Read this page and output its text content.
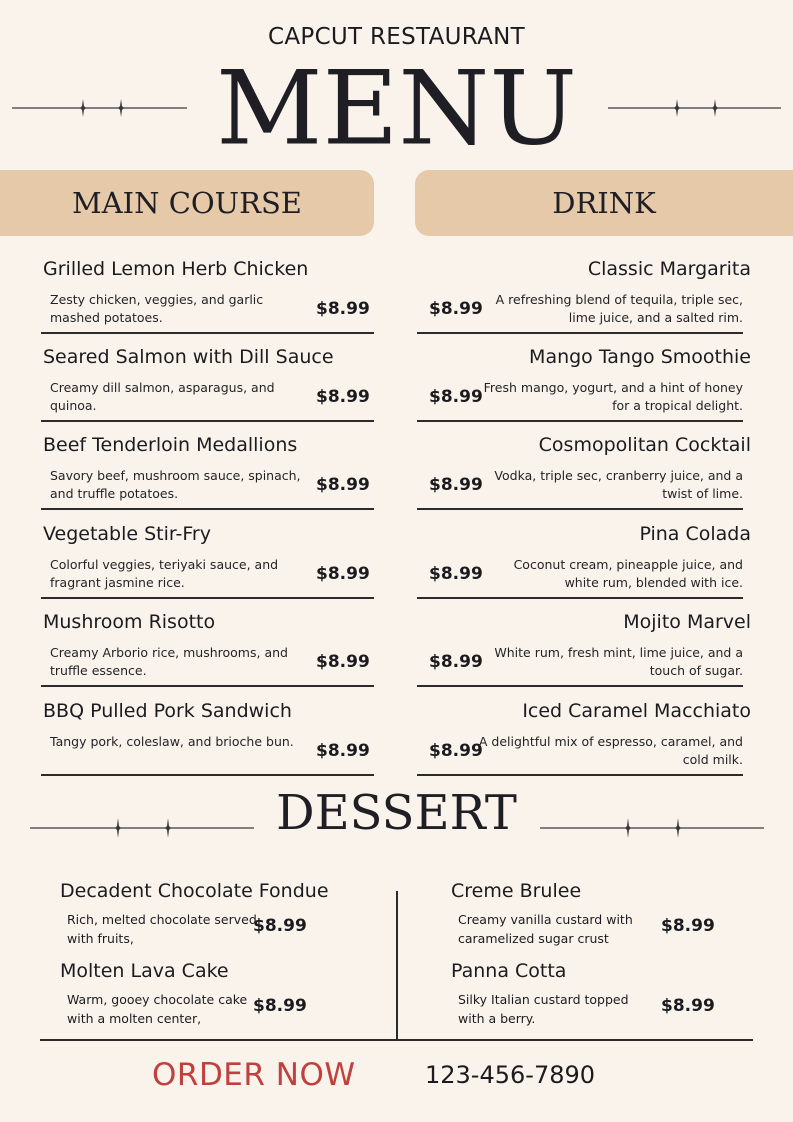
CAPCUT RESTAURANT
MENU
MAIN COURSE	DRINK
Grilled Lemon Herb Chicken
Zesty chicken, veggies, and garlic mashed potatoes.	$8.99
Seared Salmon with Dill Sauce
Creamy dill salmon, asparagus, and quinoa.	$8.99
Beef Tenderloin Medallions
Savory beef, mushroom sauce, spinach, and truffle potatoes.	$8.99
Vegetable Stir-Fry
Colorful veggies, teriyaki sauce, and fragrant jasmine rice.	$8.99
Mushroom Risotto
Creamy Arborio rice, mushrooms, and truffle essence.	$8.99
BBQ Pulled Pork Sandwich
Tangy pork, coleslaw, and brioche bun.	$8.99
Classic Margarita
A refreshing blend of tequila, triple sec, lime juice, and a salted rim.
$8.99
Mango Tango Smoothie
Fresh mango, yogurt, and a hint of honey for a tropical delight.
$8.99
Cosmopolitan Cocktail
Vodka, triple sec, cranberry juice, and a twist of lime.
$8.99
Pina Colada
Coconut cream, pineapple juice, and white rum, blended with ice.
$8.99
Mojito Marvel
White rum, fresh mint, lime juice, and a touch of sugar.
$8.99
Iced Caramel Macchiato
A delightful mix of espresso, caramel, and cold milk.
$8.99
DESSERT
Decadent Chocolate Fondue
Rich, melted chocolate served with fruits,
$8.99
Molten Lava Cake
Warm, gooey chocolate cake with a molten center,
$8.99
Creme Brulee
Creamy vanilla custard with caramelized sugar crust
$8.99
Panna Cotta
Silky Italian custard topped with a berry.
$8.99
ORDER NOW	123-456-7890
